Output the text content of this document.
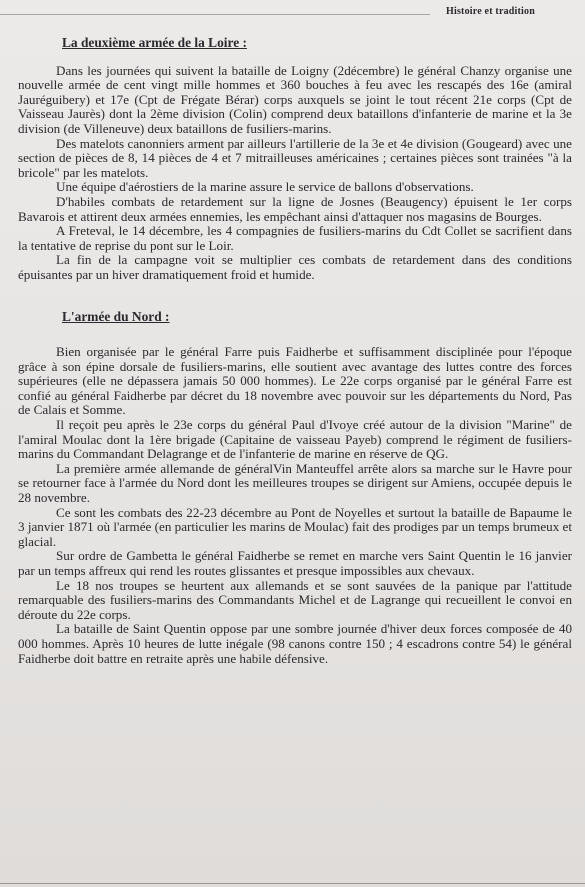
Histoire et tradition
La deuxième armée de la Loire :

Dans les journées qui suivent la bataille de Loigny (2décembre) le général Chanzy organise une nouvelle armée de cent vingt mille hommes et 360 bouches à feu avec les rescapés des 16e (amiral Jauréguibery) et 17e (Cpt de Frégate Bérar) corps auxquels se joint le tout récent 21e corps (Cpt de Vaisseau Jaurès) dont la 2ème division (Colin) comprend deux bataillons d'infanterie de marine et la 3e division (de Villeneuve) deux bataillons de fusiliers-marins.

Des matelots canonniers arment par ailleurs l'artillerie de la 3e et 4e division (Gougeard) avec une section de pièces de 8, 14 pièces de 4 et 7 mitrailleuses américaines ; certaines pièces sont trainées "à la bricole" par les matelots.

Une équipe d'aérostiers de la marine assure le service de ballons d'observations.

D'habiles combats de retardement sur la ligne de Josnes (Beaugency) épuisent le 1er corps Bavarois et attirent deux armées ennemies, les empêchant ainsi d'attaquer nos magasins de Bourges.

A Freteval, le 14 décembre, les 4 compagnies de fusiliers-marins du Cdt Collet se sacrifient dans la tentative de reprise du pont sur le Loir.

La fin de la campagne voit se multiplier ces combats de retardement dans des conditions épuisantes par un hiver dramatiquement froid et humide.

L'armée du Nord :

Bien organisée par le général Farre puis Faidherbe et suffisamment disciplinée pour l'époque grâce à son épine dorsale de fusiliers-marins, elle soutient avec avantage des luttes contre des forces supérieures (elle ne dépassera jamais 50 000 hommes). Le 22e corps organisé par le général Farre est confié au général Faidherbe par décret du 18 novembre avec pouvoir sur les départements du Nord, Pas de Calais et Somme.

Il reçoit peu après le 23e corps du général Paul d'Ivoye créé autour de la division "Marine" de l'amiral Moulac dont la 1ère brigade (Capitaine de vaisseau Payeb) comprend le régiment de fusiliers-marins du Commandant Delagrange et de l'infanterie de marine en réserve de QG.

La première armée allemande de généralVin Manteuffel arrête alors sa marche sur le Havre pour se retourner face à l'armée du Nord dont les meilleures troupes se dirigent sur Amiens, occupée depuis le 28 novembre.

Ce sont les combats des 22-23 décembre au Pont de Noyelles et surtout la bataille de Bapaume le 3 janvier 1871 où l'armée (en particulier les marins de Moulac) fait des prodiges par un temps brumeux et glacial.

Sur ordre de Gambetta le général Faidherbe se remet en marche vers Saint Quentin le 16 janvier par un temps affreux qui rend les routes glissantes et presque impossibles aux chevaux.

Le 18 nos troupes se heurtent aux allemands et se sont sauvées de la panique par l'attitude remarquable des fusiliers-marins des Commandants Michel et de Lagrange qui recueillent le convoi en déroute du 22e corps.

La bataille de Saint Quentin oppose par une sombre journée d'hiver deux forces composée de 40 000 hommes. Après 10 heures de lutte inégale (98 canons contre 150 ; 4 escadrons contre 54) le général Faidherbe doit battre en retraite après une habile défensive.
